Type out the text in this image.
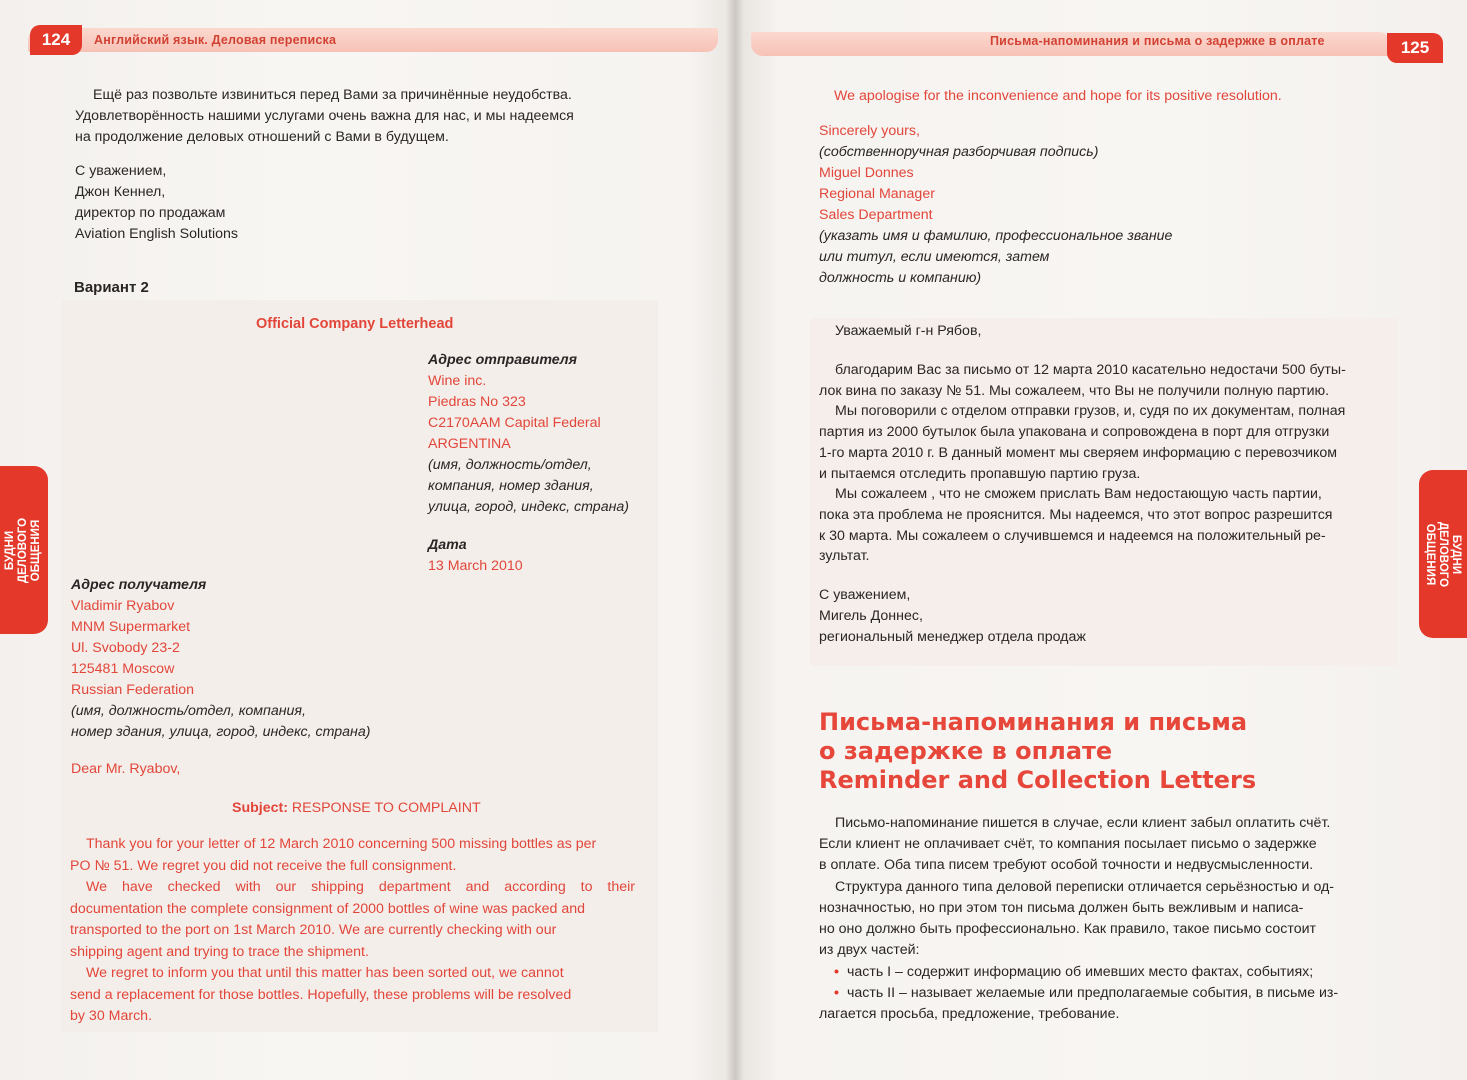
124	Английский язык. Деловая переписка
Ещё раз позвольте извиниться перед Вами за причинённые неудобства.
Удовлетворённость нашими услугами очень важна для нас, и мы надеемся
на продолжение деловых отношений с Вами в будущем.
С уважением,
Джон Кеннел,
директор по продажам
Aviation English Solutions
Вариант 2
Official Company Letterhead
Адрес отправителя
Wine inc.
Piedras No 323
C2170AAM Capital Federal
ARGENTINA
(имя, должность/отдел,
компания, номер здания,
улица, город, индекс, страна)
Дата
13 March 2010
Адрес получателя
Vladimir Ryabov
MNM Supermarket
Ul. Svobody 23-2
125481 Moscow
Russian Federation
(имя, должность/отдел, компания,
номер здания, улица, город, индекс, страна)
Dear Mr. Ryabov,
Subject: RESPONSE TO COMPLAINT
Thank you for your letter of 12 March 2010 concerning 500 missing bottles as per
PO № 51. We regret you did not receive the full consignment.
We have checked with our shipping department and according to their
documentation the complete consignment of 2000 bottles of wine was packed and
transported to the port on 1st March 2010. We are currently checking with our
shipping agent and trying to trace the shipment.
We regret to inform you that until this matter has been sorted out, we cannot
send a replacement for those bottles. Hopefully, these problems will be resolved
by 30 March.
БУДНИ ДЕЛОВОГО
ОБЩЕНИЯ
125
Письма-напоминания и письма о задержке в оплате
БУДНИ ДЕЛОВОГО
ОБЩЕНИЯ
We apologise for the inconvenience and hope for its positive resolution.
Sincerely yours,
(собственноручная разборчивая подпись)
Miguel Donnes
Regional Manager
Sales Department
(указать имя и фамилию, профессиональное звание
или титул, если имеются, затем
должность и компанию)
Уважаемый г-н Рябов,
благодарим Вас за письмо от 12 марта 2010 касательно недостачи 500 буты-
лок вина по заказу № 51. Мы сожалеем, что Вы не получили полную партию.
Мы поговорили с отделом отправки грузов, и, судя по их документам, полная
партия из 2000 бутылок была упакована и сопровождена в порт для отгрузки
1-го марта 2010 г. В данный момент мы сверяем информацию с перевозчиком
и пытаемся отследить пропавшую партию груза.
Мы сожалеем , что не сможем прислать Вам недостающую часть партии,
пока эта проблема не прояснится. Мы надеемся, что этот вопрос разрешится
к 30 марта. Мы сожалеем о случившемся и надеемся на положительный ре-
зультат.
С уважением,
Мигель Доннес,
региональный менеджер отдела продаж
Письма-напоминания и письма
о задержке в оплате
Reminder and Collection Letters
Письмо-напоминание пишется в случае, если клиент забыл оплатить счёт.
Если клиент не оплачивает счёт, то компания посылает письмо о задержке
в оплате. Оба типа писем требуют особой точности и недвусмысленности.
Структура данного типа деловой переписки отличается серьёзностью и од-
нозначностью, но при этом тон письма должен быть вежливым и написа-
но оно должно быть профессионально. Как правило, такое письмо состоит
из двух частей:
• часть I – содержит информацию об имевших место фактах, событиях;
• часть II – называет желаемые или предполагаемые события, в письме из-
лагается просьба, предложение, требование.
